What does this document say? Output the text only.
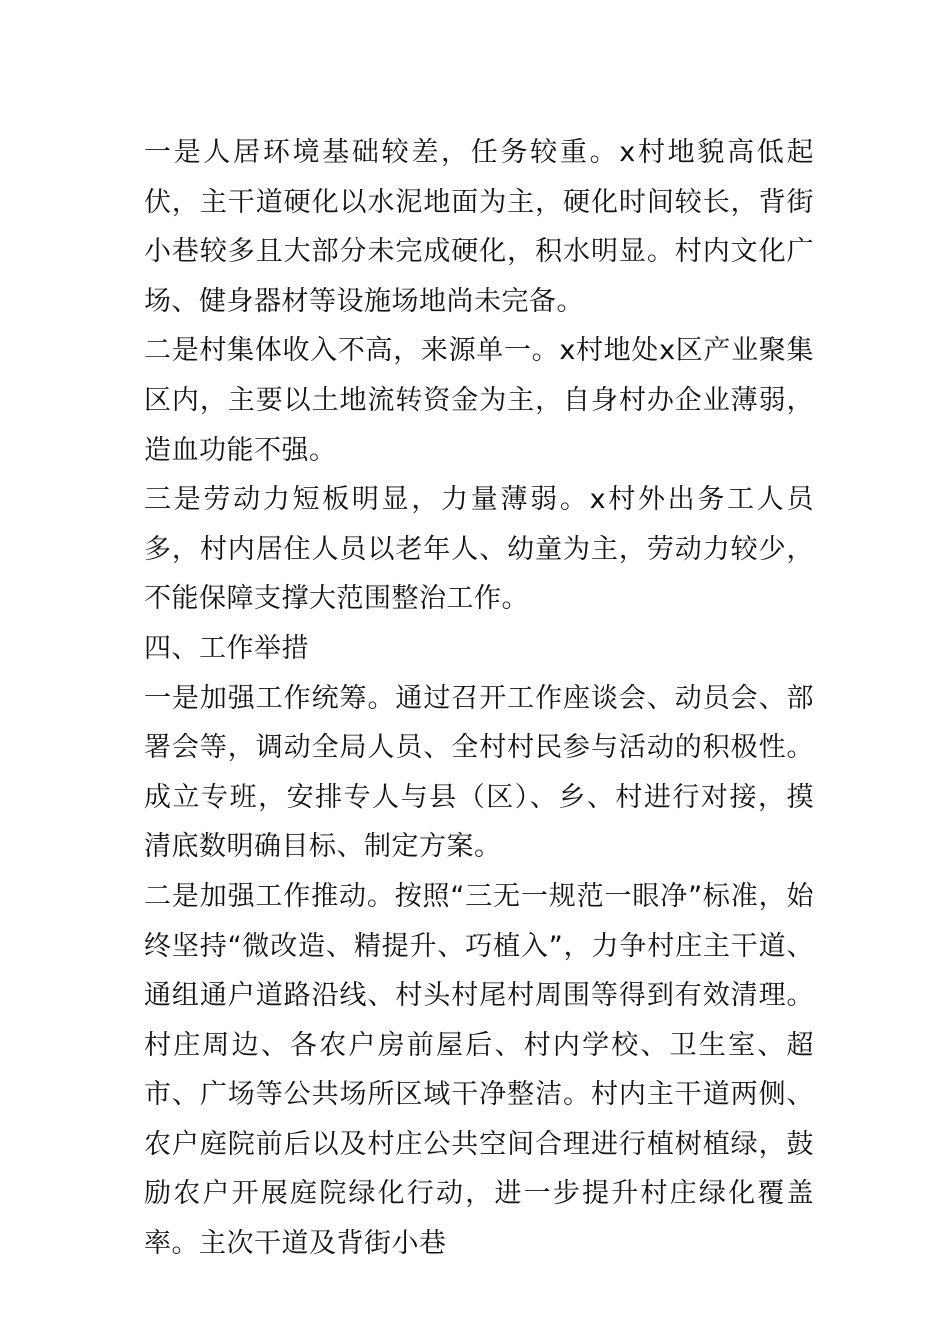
一是人居环境基础较差，任务较重。x村地貌高低起伏，主干道硬化以水泥地面为主，硬化时间较长，背街小巷较多且大部分未完成硬化，积水明显。村内文化广场、健身器材等设施场地尚未完备。

二是村集体收入不高，来源单一。x村地处x区产业聚集区内，主要以土地流转资金为主，自身村办企业薄弱，造血功能不强。

三是劳动力短板明显，力量薄弱。x村外出务工人员多，村内居住人员以老年人、幼童为主，劳动力较少，不能保障支撑大范围整治工作。

四、工作举措

一是加强工作统筹。通过召开工作座谈会、动员会、部署会等，调动全局人员、全村村民参与活动的积极性。成立专班，安排专人与县（区）、乡、村进行对接，摸清底数明确目标、制定方案。

二是加强工作推动。按照“三无一规范一眼净”标准，始终坚持“微改造、精提升、巧植入”，力争村庄主干道、通组通户道路沿线、村头村尾村周围等得到有效清理。村庄周边、各农户房前屋后、村内学校、卫生室、超市、广场等公共场所区域干净整洁。村内主干道两侧、农户庭院前后以及村庄公共空间合理进行植树植绿，鼓励农户开展庭院绿化行动，进一步提升村庄绿化覆盖率。主次干道及背街小巷
